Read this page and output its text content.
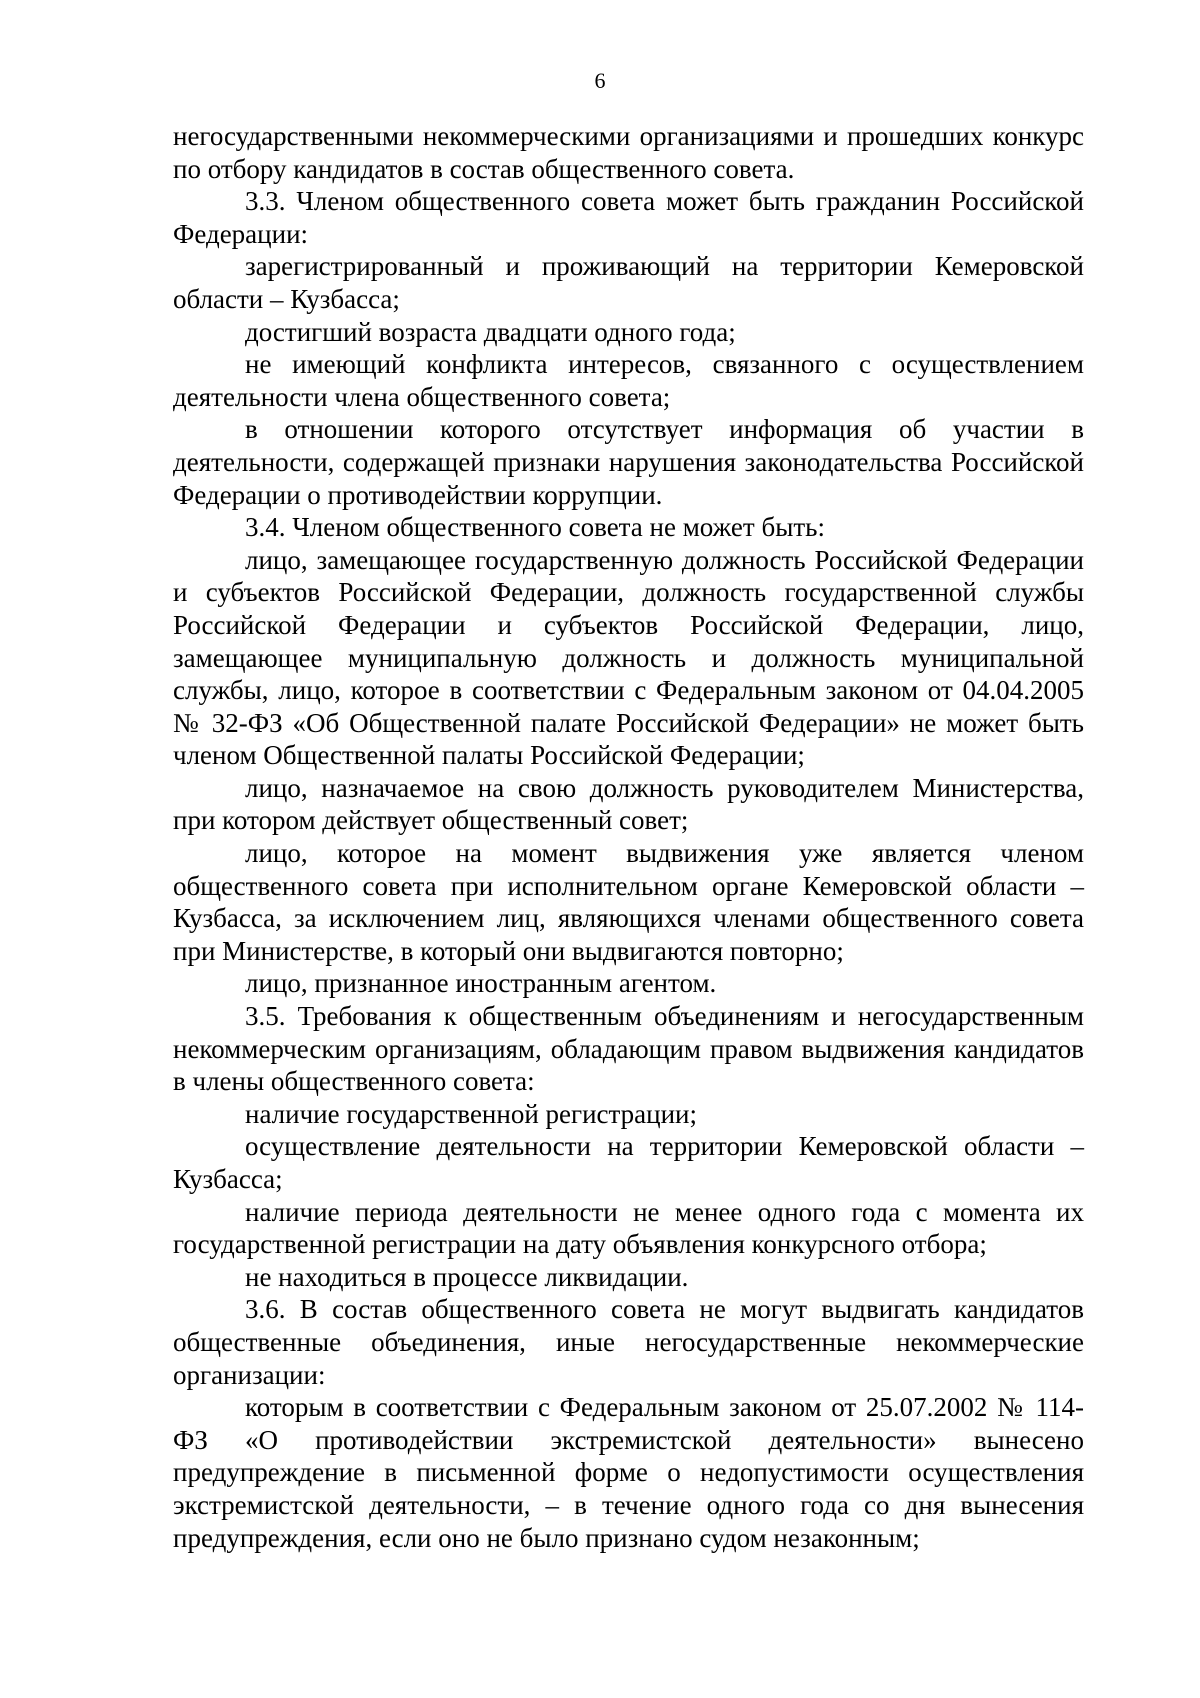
6

негосударственными некоммерческими организациями и прошедших конкурс по отбору кандидатов в состав общественного совета.

3.3. Членом общественного совета может быть гражданин Российской Федерации:

зарегистрированный и проживающий на территории Кемеровской области – Кузбасса;

достигший возраста двадцати одного года;

не имеющий конфликта интересов, связанного с осуществлением деятельности члена общественного совета;

в отношении которого отсутствует информация об участии в деятельности, содержащей признаки нарушения законодательства Российской Федерации о противодействии коррупции.

3.4. Членом общественного совета не может быть:

лицо, замещающее государственную должность Российской Федерации и субъектов Российской Федерации, должность государственной службы Российской Федерации и субъектов Российской Федерации, лицо, замещающее муниципальную должность и должность муниципальной службы, лицо, которое в соответствии с Федеральным законом от 04.04.2005 № 32-ФЗ «Об Общественной палате Российской Федерации» не может быть членом Общественной палаты Российской Федерации;

лицо, назначаемое на свою должность руководителем Министерства, при котором действует общественный совет;

лицо, которое на момент выдвижения уже является членом общественного совета при исполнительном органе Кемеровской области – Кузбасса, за исключением лиц, являющихся членами общественного совета при Министерстве, в который они выдвигаются повторно;

лицо, признанное иностранным агентом.

3.5. Требования к общественным объединениям и негосударственным некоммерческим организациям, обладающим правом выдвижения кандидатов в члены общественного совета:

наличие государственной регистрации;

осуществление деятельности на территории Кемеровской области – Кузбасса;

наличие периода деятельности не менее одного года с момента их государственной регистрации на дату объявления конкурсного отбора;

не находиться в процессе ликвидации.

3.6. В состав общественного совета не могут выдвигать кандидатов общественные объединения, иные негосударственные некоммерческие организации:

которым в соответствии с Федеральным законом от 25.07.2002 № 114-ФЗ «О противодействии экстремистской деятельности» вынесено предупреждение в письменной форме о недопустимости осуществления экстремистской деятельности, – в течение одного года со дня вынесения предупреждения, если оно не было признано судом незаконным;
